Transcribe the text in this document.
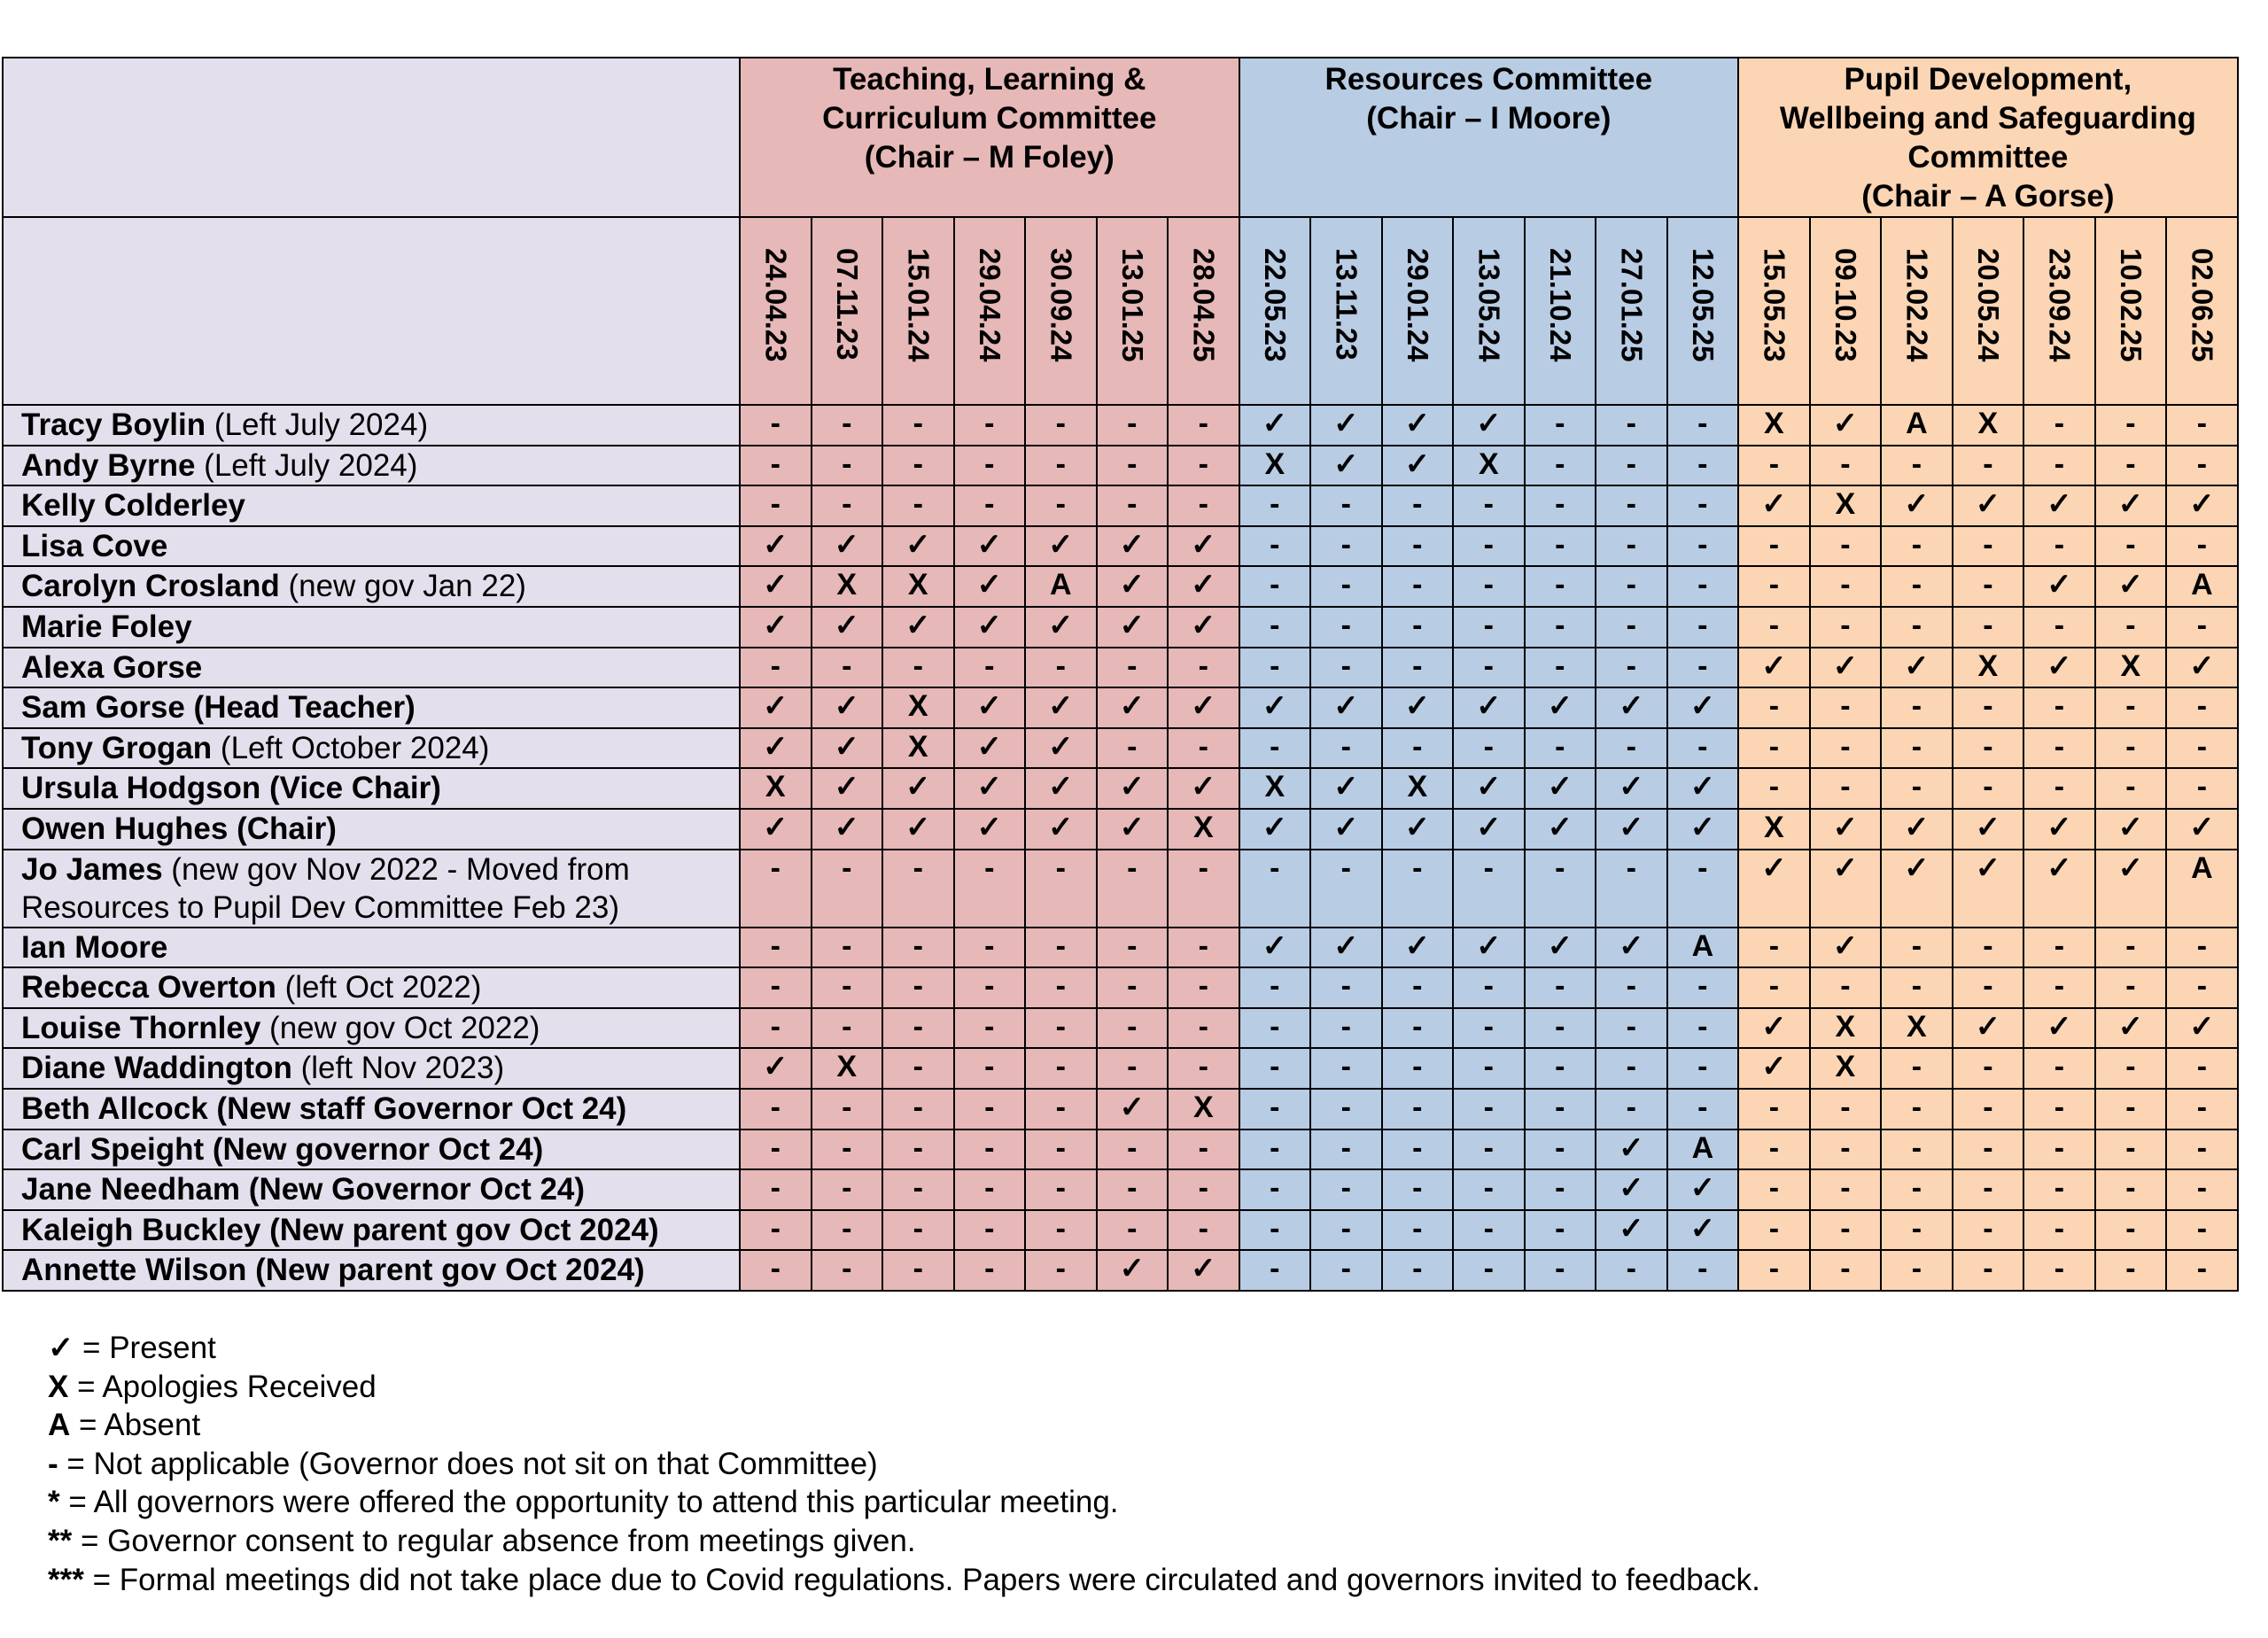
	Teaching, Learning &
Curriculum Committee
(Chair – M Foley)							Resources Committee
(Chair – I Moore)							Pupil Development,
Wellbeing and Safeguarding
Committee
(Chair – A Gorse)						

	24.04.23	07.11.23	15.01.24	29.04.24	30.09.24	13.01.25	28.04.25	22.05.23	13.11.23	29.01.24	13.05.24	21.10.24	27.01.25	12.05.25	15.05.23	09.10.23	12.02.24	20.05.24	23.09.24	10.02.25	02.06.25
Tracy Boylin (Left July 2024)	-	-	-	-	-	-	-	✓	✓	✓	✓	-	-	-	X	✓	A	X	-	-	-
Andy Byrne (Left July 2024)	-	-	-	-	-	-	-	X	✓	✓	X	-	-	-	-	-	-	-	-	-	-
Kelly Colderley	-	-	-	-	-	-	-	-	-	-	-	-	-	-	✓	X	✓	✓	✓	✓	✓
Lisa Cove	✓	✓	✓	✓	✓	✓	✓	-	-	-	-	-	-	-	-	-	-	-	-	-	-
Carolyn Crosland (new gov Jan 22)	✓	X	X	✓	A	✓	✓	-	-	-	-	-	-	-	-	-	-	-	✓	✓	A
Marie Foley	✓	✓	✓	✓	✓	✓	✓	-	-	-	-	-	-	-	-	-	-	-	-	-	-
Alexa Gorse	-	-	-	-	-	-	-	-	-	-	-	-	-	-	✓	✓	✓	X	✓	X	✓
Sam Gorse (Head Teacher)	✓	✓	X	✓	✓	✓	✓	✓	✓	✓	✓	✓	✓	✓	-	-	-	-	-	-	-
Tony Grogan (Left October 2024)	✓	✓	X	✓	✓	-	-	-	-	-	-	-	-	-	-	-	-	-	-	-	-
Ursula Hodgson (Vice Chair)	X	✓	✓	✓	✓	✓	✓	X	✓	X	✓	✓	✓	✓	-	-	-	-	-	-	-
Owen Hughes (Chair)	✓	✓	✓	✓	✓	✓	X	✓	✓	✓	✓	✓	✓	✓	X	✓	✓	✓	✓	✓	✓
Jo James (new gov Nov 2022 - Moved from Resources to Pupil Dev Committee Feb 23)	-	-	-	-	-	-	-	-	-	-	-	-	-	-	✓	✓	✓	✓	✓	✓	A
Ian Moore	-	-	-	-	-	-	-	✓	✓	✓	✓	✓	✓	A	-	✓	-	-	-	-	-
Rebecca Overton (left Oct 2022)	-	-	-	-	-	-	-	-	-	-	-	-	-	-	-	-	-	-	-	-	-
Louise Thornley (new gov Oct 2022)	-	-	-	-	-	-	-	-	-	-	-	-	-	-	✓	X	X	✓	✓	✓	✓
Diane Waddington (left Nov 2023)	✓	X	-	-	-	-	-	-	-	-	-	-	-	-	✓	X	-	-	-	-	-
Beth Allcock (New staff Governor Oct 24)	-	-	-	-	-	✓	X	-	-	-	-	-	-	-	-	-	-	-	-	-	-
Carl Speight (New governor Oct 24)	-	-	-	-	-	-	-	-	-	-	-	-	✓	A	-	-	-	-	-	-	-
Jane Needham (New Governor Oct 24)	-	-	-	-	-	-	-	-	-	-	-	-	✓	✓	-	-	-	-	-	-	-
Kaleigh Buckley (New parent gov Oct 2024)	-	-	-	-	-	-	-	-	-	-	-	-	✓	✓	-	-	-	-	-	-	-
Annette Wilson (New parent gov Oct 2024)	-	-	-	-	-	✓	✓	-	-	-	-	-	-	-	-	-	-	-	-	-	-
✓ = Present
X = Apologies Received
A = Absent
- = Not applicable (Governor does not sit on that Committee)
* = All governors were offered the opportunity to attend this particular meeting.
** = Governor consent to regular absence from meetings given.
*** = Formal meetings did not take place due to Covid regulations. Papers were circulated and governors invited to feedback.
